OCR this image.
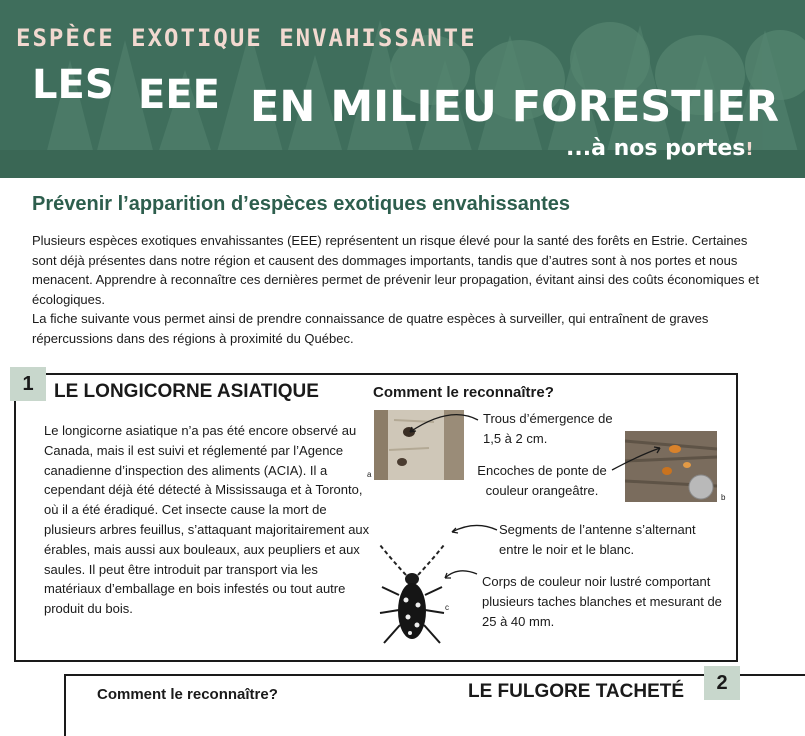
ESPÈCE EXOTIQUE ENVAHISSANTE
LES EEE EN MILIEU FORESTIER
...à nos portes!
Prévenir l’apparition d’espèces exotiques envahissantes

Plusieurs espèces exotiques envahissantes (EEE) représentent un risque élevé pour la santé des forêts en Estrie. Certaines sont déjà présentes dans notre région et causent des dommages importants, tandis que d’autres sont à nos portes et nous menacent. Apprendre à reconnaître ces dernières permet de prévenir leur propagation, évitant ainsi des coûts économiques et écologiques.

La fiche suivante vous permet ainsi de prendre connaissance de quatre espèces à surveiller, qui entraînent de graves répercussions dans des régions à proximité du Québec.

1	LE LONGICORNE ASIATIQUE	Comment le reconnaître?
Le longicorne asiatique n’a pas été encore observé au Canada, mais il est suivi et réglementé par l’Agence canadienne d’inspection des aliments (ACIA). Il a cependant déjà été détecté à Mississauga et à Toronto, où il a été éradiqué. Cet insecte cause la mort de plusieurs arbres feuillus, s’attaquant majoritairement aux érables, mais aussi aux bouleaux, aux peupliers et aux saules. Il peut être introduit par transport via les matériaux d’emballage en bois infestés ou tout autre produit du bois.
a
b
c
Trous d’émergence de 1,5 à 2 cm.
Encoches de ponte de couleur orangeâtre.
Segments de l’antenne s’alternant entre le noir et le blanc.
Corps de couleur noir lustré comportant plusieurs taches blanches et mesurant de 25 à 40 mm.
2
Comment le reconnaître?	LE FULGORE TACHETÉ
